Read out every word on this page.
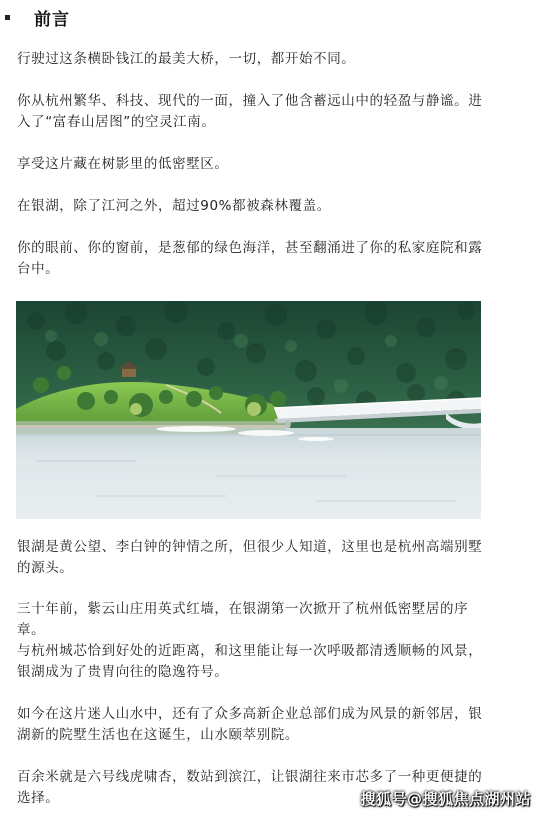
前言

行驶过这条横卧钱江的最美大桥，一切，都开始不同。

你从杭州繁华、科技、现代的一面，撞入了他含蓄远山中的轻盈与静谧。进入了“富春山居图”的空灵江南。

享受这片藏在树影里的低密墅区。

在银湖，除了江河之外，超过90%都被森林覆盖。

你的眼前、你的窗前，是葱郁的绿色海洋，甚至翻涌进了你的私家庭院和露台中。

银湖是黄公望、李白钟的钟情之所，但很少人知道，这里也是杭州高端别墅的源头。

三十年前，紫云山庄用英式红墙，在银湖第一次掀开了杭州低密墅居的序章。

与杭州城芯恰到好处的近距离，和这里能让每一次呼吸都清透顺畅的风景，银湖成为了贵胄向往的隐逸符号。

如今在这片迷人山水中，还有了众多高新企业总部们成为风景的新邻居，银湖新的院墅生活也在这诞生，山水颐萃别院。

百余米就是六号线虎啸杏，数站到滨江，让银湖往来市芯多了一种更便捷的选择。	搜狐号@搜狐焦点湖州站
